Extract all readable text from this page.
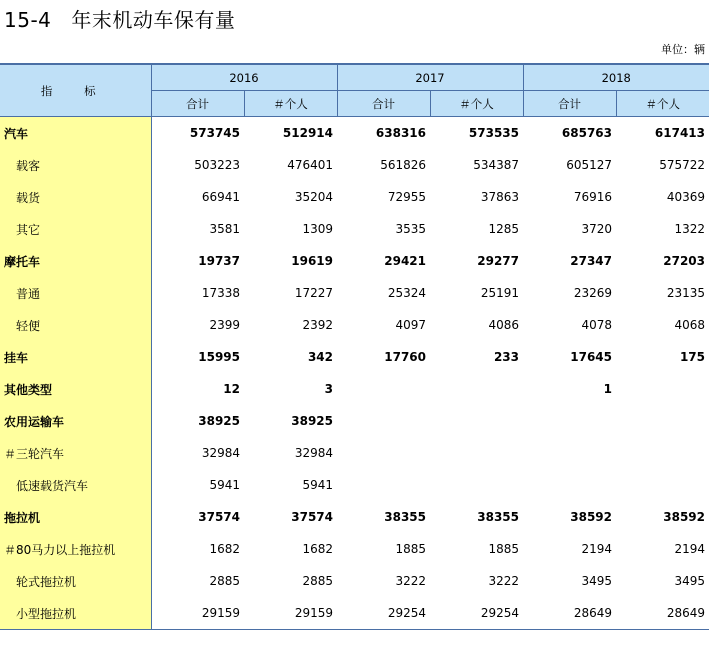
15-4 年末机动车保有量
单位：辆
指 标	2016		2017		2018	
	合计	＃个人	合计	＃个人	合计	＃个人
汽车	573745	512914	638316	573535	685763	617413
载客	503223	476401	561826	534387	605127	575722
载货	66941	35204	72955	37863	76916	40369
其它	3581	1309	3535	1285	3720	1322
摩托车	19737	19619	29421	29277	27347	27203
普通	17338	17227	25324	25191	23269	23135
轻便	2399	2392	4097	4086	4078	4068
挂车	15995	342	17760	233	17645	175
其他类型	12	3			1	
农用运输车	38925	38925				
＃三轮汽车	32984	32984				
低速载货汽车	5941	5941				
拖拉机	37574	37574	38355	38355	38592	38592
＃80马力以上拖拉机	1682	1682	1885	1885	2194	2194
轮式拖拉机	2885	2885	3222	3222	3495	3495
小型拖拉机	29159	29159	29254	29254	28649	28649
